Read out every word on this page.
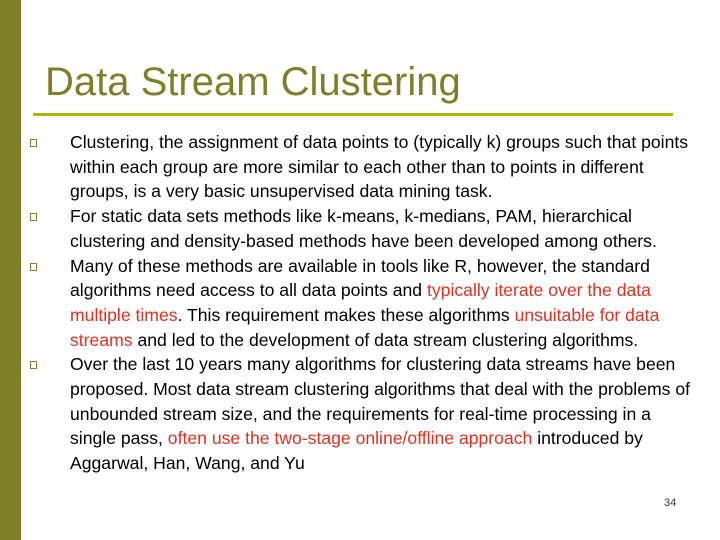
Data Stream Clustering
Clustering, the assignment of data points to (typically k) groups such that points within each group are more similar to each other than to points in different groups, is a very basic unsupervised data mining task.
For static data sets methods like k-means, k-medians, PAM, hierarchical clustering and density-based methods have been developed among others.
Many of these methods are available in tools like R, however, the standard algorithms need access to all data points and typically iterate over the data multiple times. This requirement makes these algorithms unsuitable for data streams and led to the development of data stream clustering algorithms.
Over the last 10 years many algorithms for clustering data streams have been proposed. Most data stream clustering algorithms that deal with the problems of unbounded stream size, and the requirements for real-time processing in a single pass, often use the two-stage online/offline approach introduced by Aggarwal, Han, Wang, and Yu
34
